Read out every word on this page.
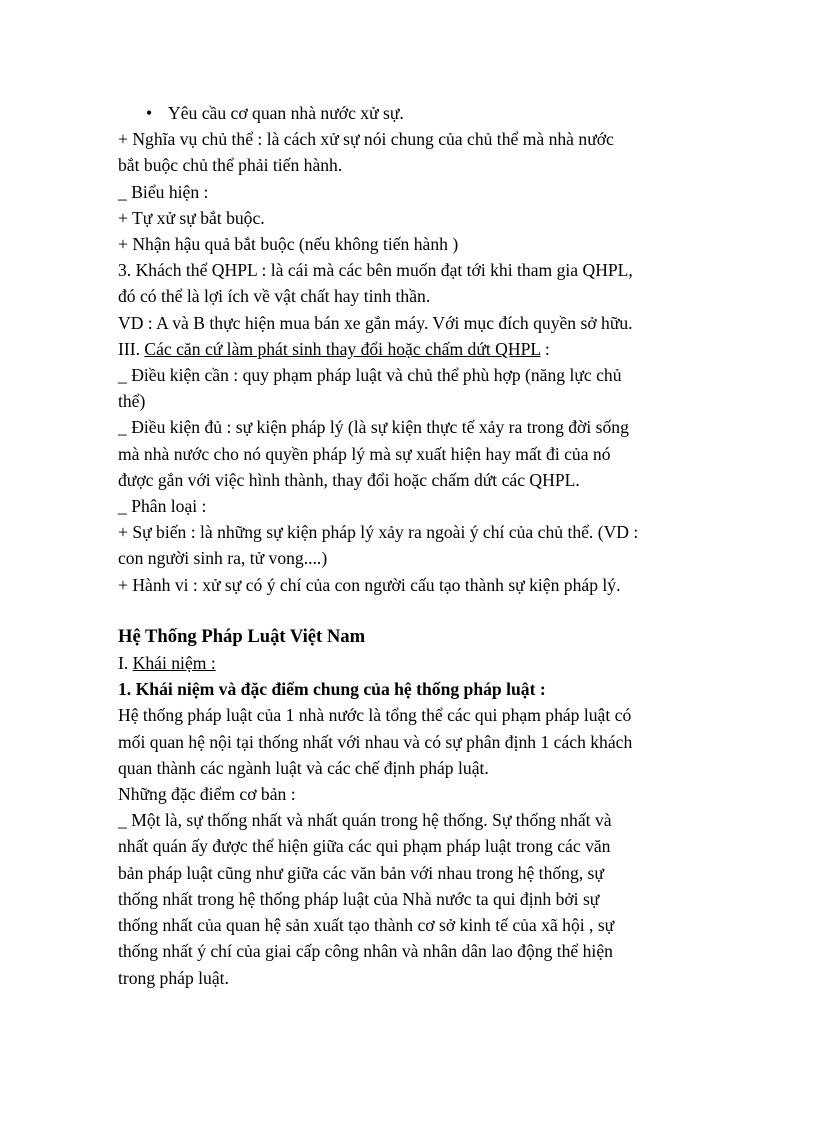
• Yêu cầu cơ quan nhà nước xử sự.

+ Nghĩa vụ chủ thể : là cách xử sự nói chung của chủ thể mà nhà nước

bắt buộc chủ thể phải tiến hành.

_ Biểu hiện :

+ Tự xử sự bắt buộc.

+ Nhận hậu quả bắt buộc (nếu không tiến hành )

3. Khách thể QHPL : là cái mà các bên muốn đạt tới khi tham gia QHPL,

đó có thể là lợi ích về vật chất hay tinh thần.

VD : A và B thực hiện mua bán xe gắn máy. Với mục đích quyền sở hữu.

III. Các căn cứ làm phát sinh thay đổi hoặc chấm dứt QHPL :

_ Điều kiện cần : quy phạm pháp luật và chủ thể phù hợp (năng lực chủ

thể)

_ Điều kiện đủ : sự kiện pháp lý (là sự kiện thực tế xảy ra trong đời sống

mà nhà nước cho nó quyền pháp lý mà sự xuất hiện hay mất đi của nó

được gắn với việc hình thành, thay đổi hoặc chấm dứt các QHPL.

_ Phân loại :

+ Sự biến : là những sự kiện pháp lý xảy ra ngoài ý chí của chủ thể. (VD :

con người sinh ra, tử vong....)

+ Hành vi : xử sự có ý chí của con người cấu tạo thành sự kiện pháp lý.

Hệ Thống Pháp Luật Việt Nam

I. Khái niệm :

1. Khái niệm và đặc điểm chung của hệ thống pháp luật :

Hệ thống pháp luật của 1 nhà nước là tổng thể các qui phạm pháp luật có

mối quan hệ nội tại thống nhất với nhau và có sự phân định 1 cách khách

quan thành các ngành luật và các chế định pháp luật.

Những đặc điểm cơ bản :

_ Một là, sự thống nhất và nhất quán trong hệ thống. Sự thống nhất và

nhất quán ấy được thể hiện giữa các qui phạm pháp luật trong các văn

bản pháp luật cũng như giữa các văn bản với nhau trong hệ thống, sự

thống nhất trong hệ thống pháp luật của Nhà nước ta qui định bởi sự

thống nhất của quan hệ sản xuất tạo thành cơ sở kinh tế của xã hội , sự

thống nhất ý chí của giai cấp công nhân và nhân dân lao động thể hiện

trong pháp luật.
